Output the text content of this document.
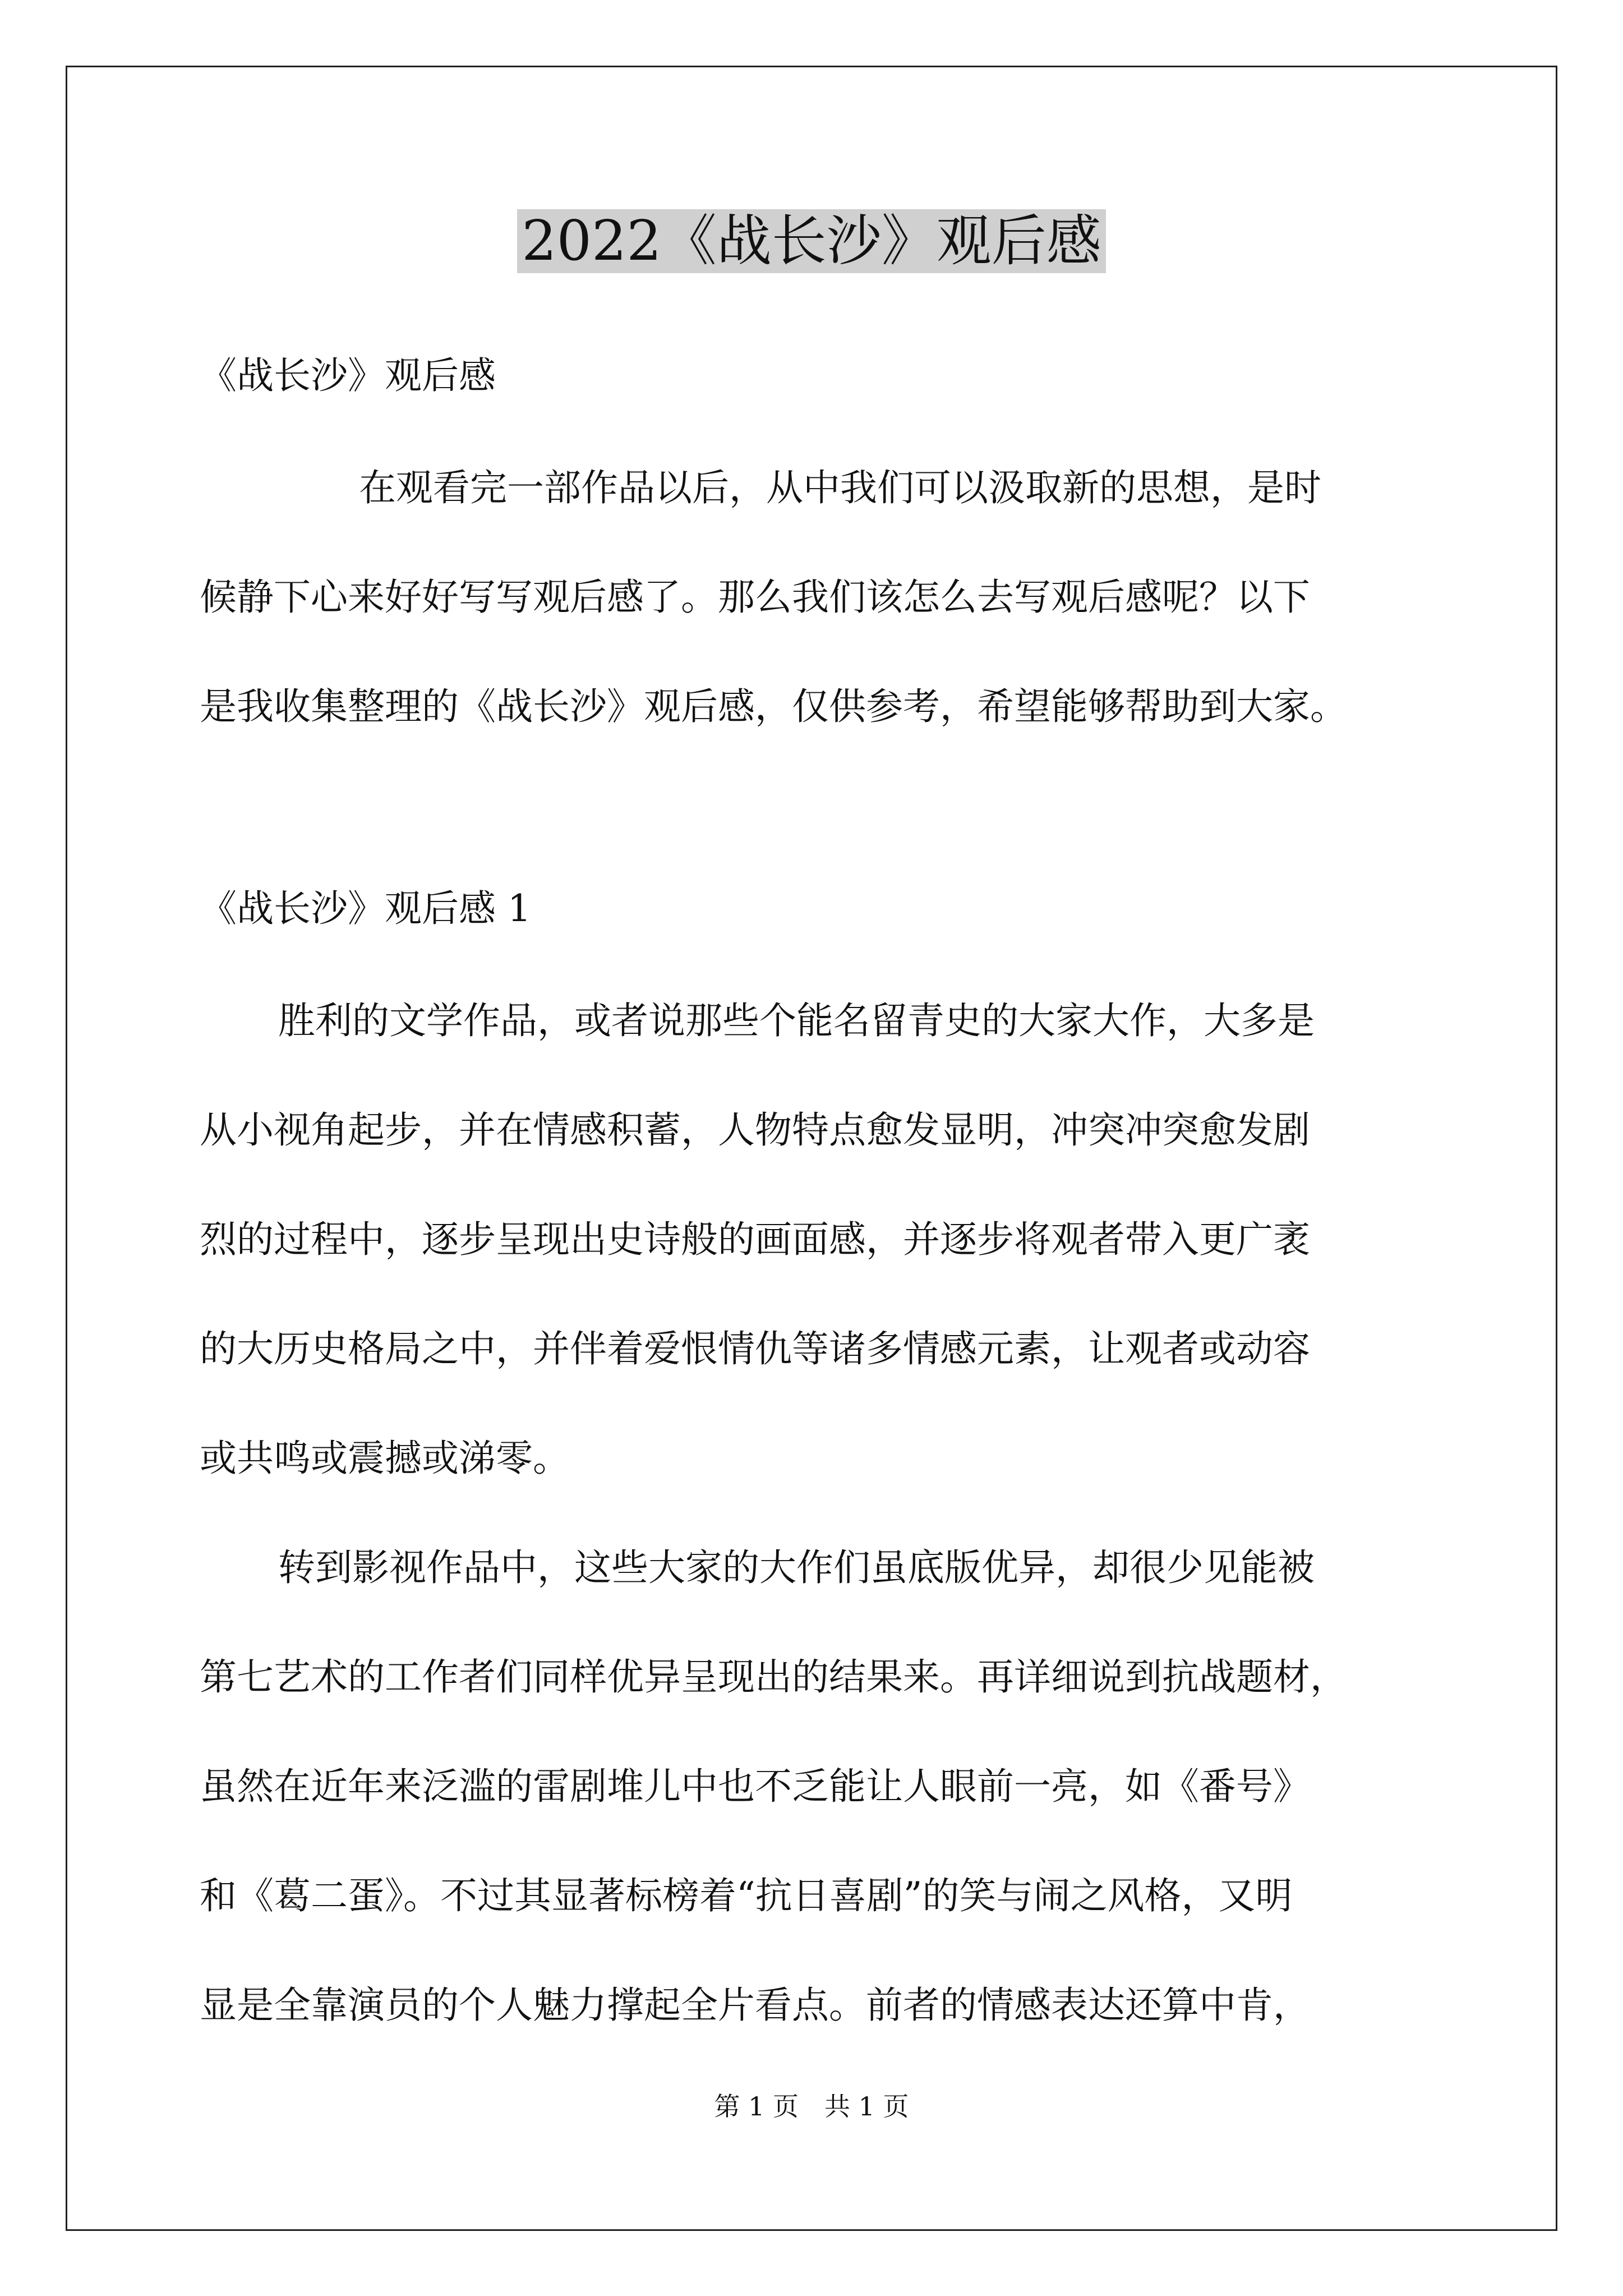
2022《战长沙》观后感

《战长沙》观后感

在观看完一部作品以后，从中我们可以汲取新的思想，是时

候静下心来好好写写观后感了。那么我们该怎么去写观后感呢？以下

是我收集整理的《战长沙》观后感，仅供参考，希望能够帮助到大家。

《战长沙》观后感 1

胜利的文学作品，或者说那些个能名留青史的大家大作，大多是

从小视角起步，并在情感积蓄，人物特点愈发显明，冲突冲突愈发剧

烈的过程中，逐步呈现出史诗般的画面感，并逐步将观者带入更广袤

的大历史格局之中，并伴着爱恨情仇等诸多情感元素，让观者或动容

或共鸣或震撼或涕零。

转到影视作品中，这些大家的大作们虽底版优异，却很少见能被

第七艺术的工作者们同样优异呈现出的结果来。再详细说到抗战题材，

虽然在近年来泛滥的雷剧堆儿中也不乏能让人眼前一亮，如《番号》

和《葛二蛋》。不过其显著标榜着“抗日喜剧”的笑与闹之风格，又明

显是全靠演员的个人魅力撑起全片看点。前者的情感表达还算中肯，

第 1 页　共 1 页
